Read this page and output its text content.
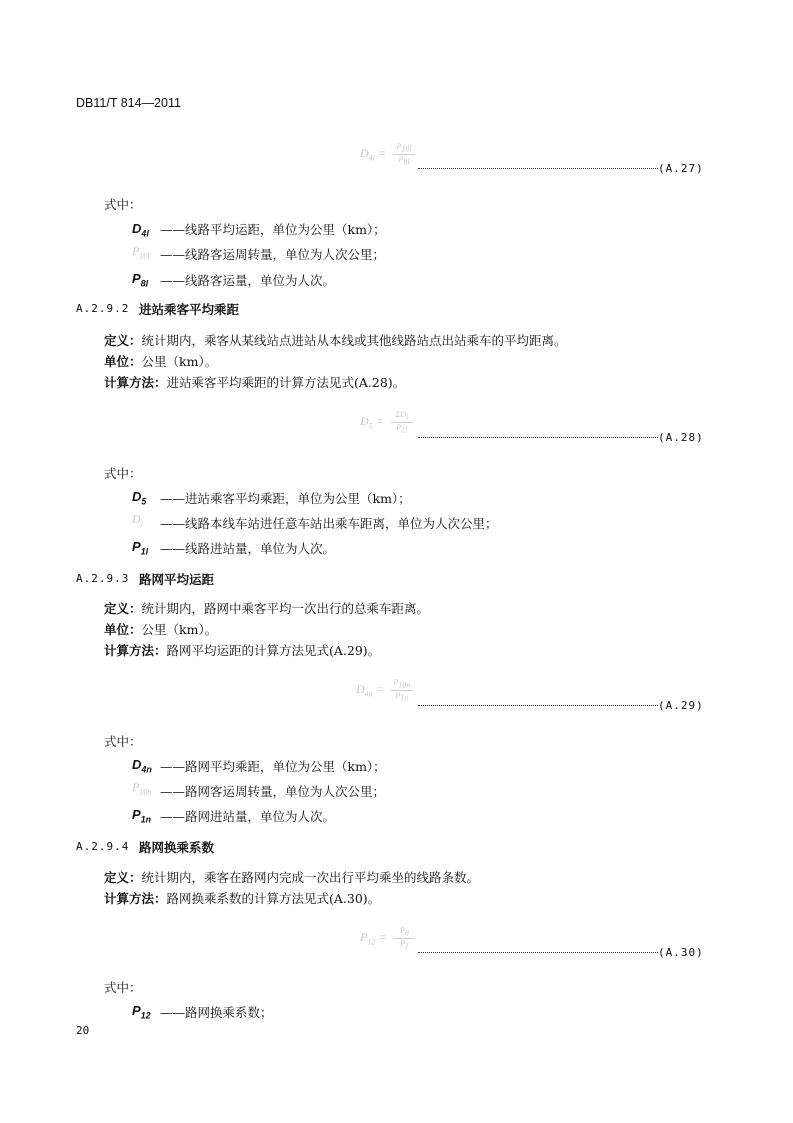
DB11/T 814—2011
$D_{4l} = \frac{P_{10l}}{P_{8l}}$
(A.27)
式中：
$D_{4l}$ ——线路平均运距，单位为公里（km）；
$P_{10l}$ ——线路客运周转量，单位为人次公里；
$P_{8l}$ ——线路客运量，单位为人次。
A.2.9.2 进站乘客平均乘距
定义：统计期内，乘客从某线站点进站从本线或其他线路站点出站乘车的平均距离。
单位：公里（km）。
计算方法：进站乘客平均乘距的计算方法见式(A.28)。
$D_5 = \frac{\Sigma D_i}{P_{1l}}$
(A.28)
式中：
$D_5$ ——进站乘客平均乘距，单位为公里（km）；
$D_i$ ——线路本线车站进任意车站出乘车距离，单位为人次公里；
$P_{1l}$ ——线路进站量，单位为人次。
A.2.9.3 路网平均运距
定义：统计期内，路网中乘客平均一次出行的总乘车距离。
单位：公里（km）。
计算方法：路网平均运距的计算方法见式(A.29)。
$D_{4n} = \frac{P_{10n}}{P_{1n}}$
(A.29)
式中：
$D_{4n}$ ——路网平均乘距，单位为公里（km）；
$P_{10n}$ ——路网客运周转量，单位为人次公里；
$P_{1n}$ ——路网进站量，单位为人次。
A.2.9.4 路网换乘系数
定义：统计期内，乘客在路网内完成一次出行平均乘坐的线路条数。
计算方法：路网换乘系数的计算方法见式(A.30)。
$P_{12} = \frac{P_8}{P_1}$
(A.30)
式中：
$P_{12}$ ——路网换乘系数；
20
